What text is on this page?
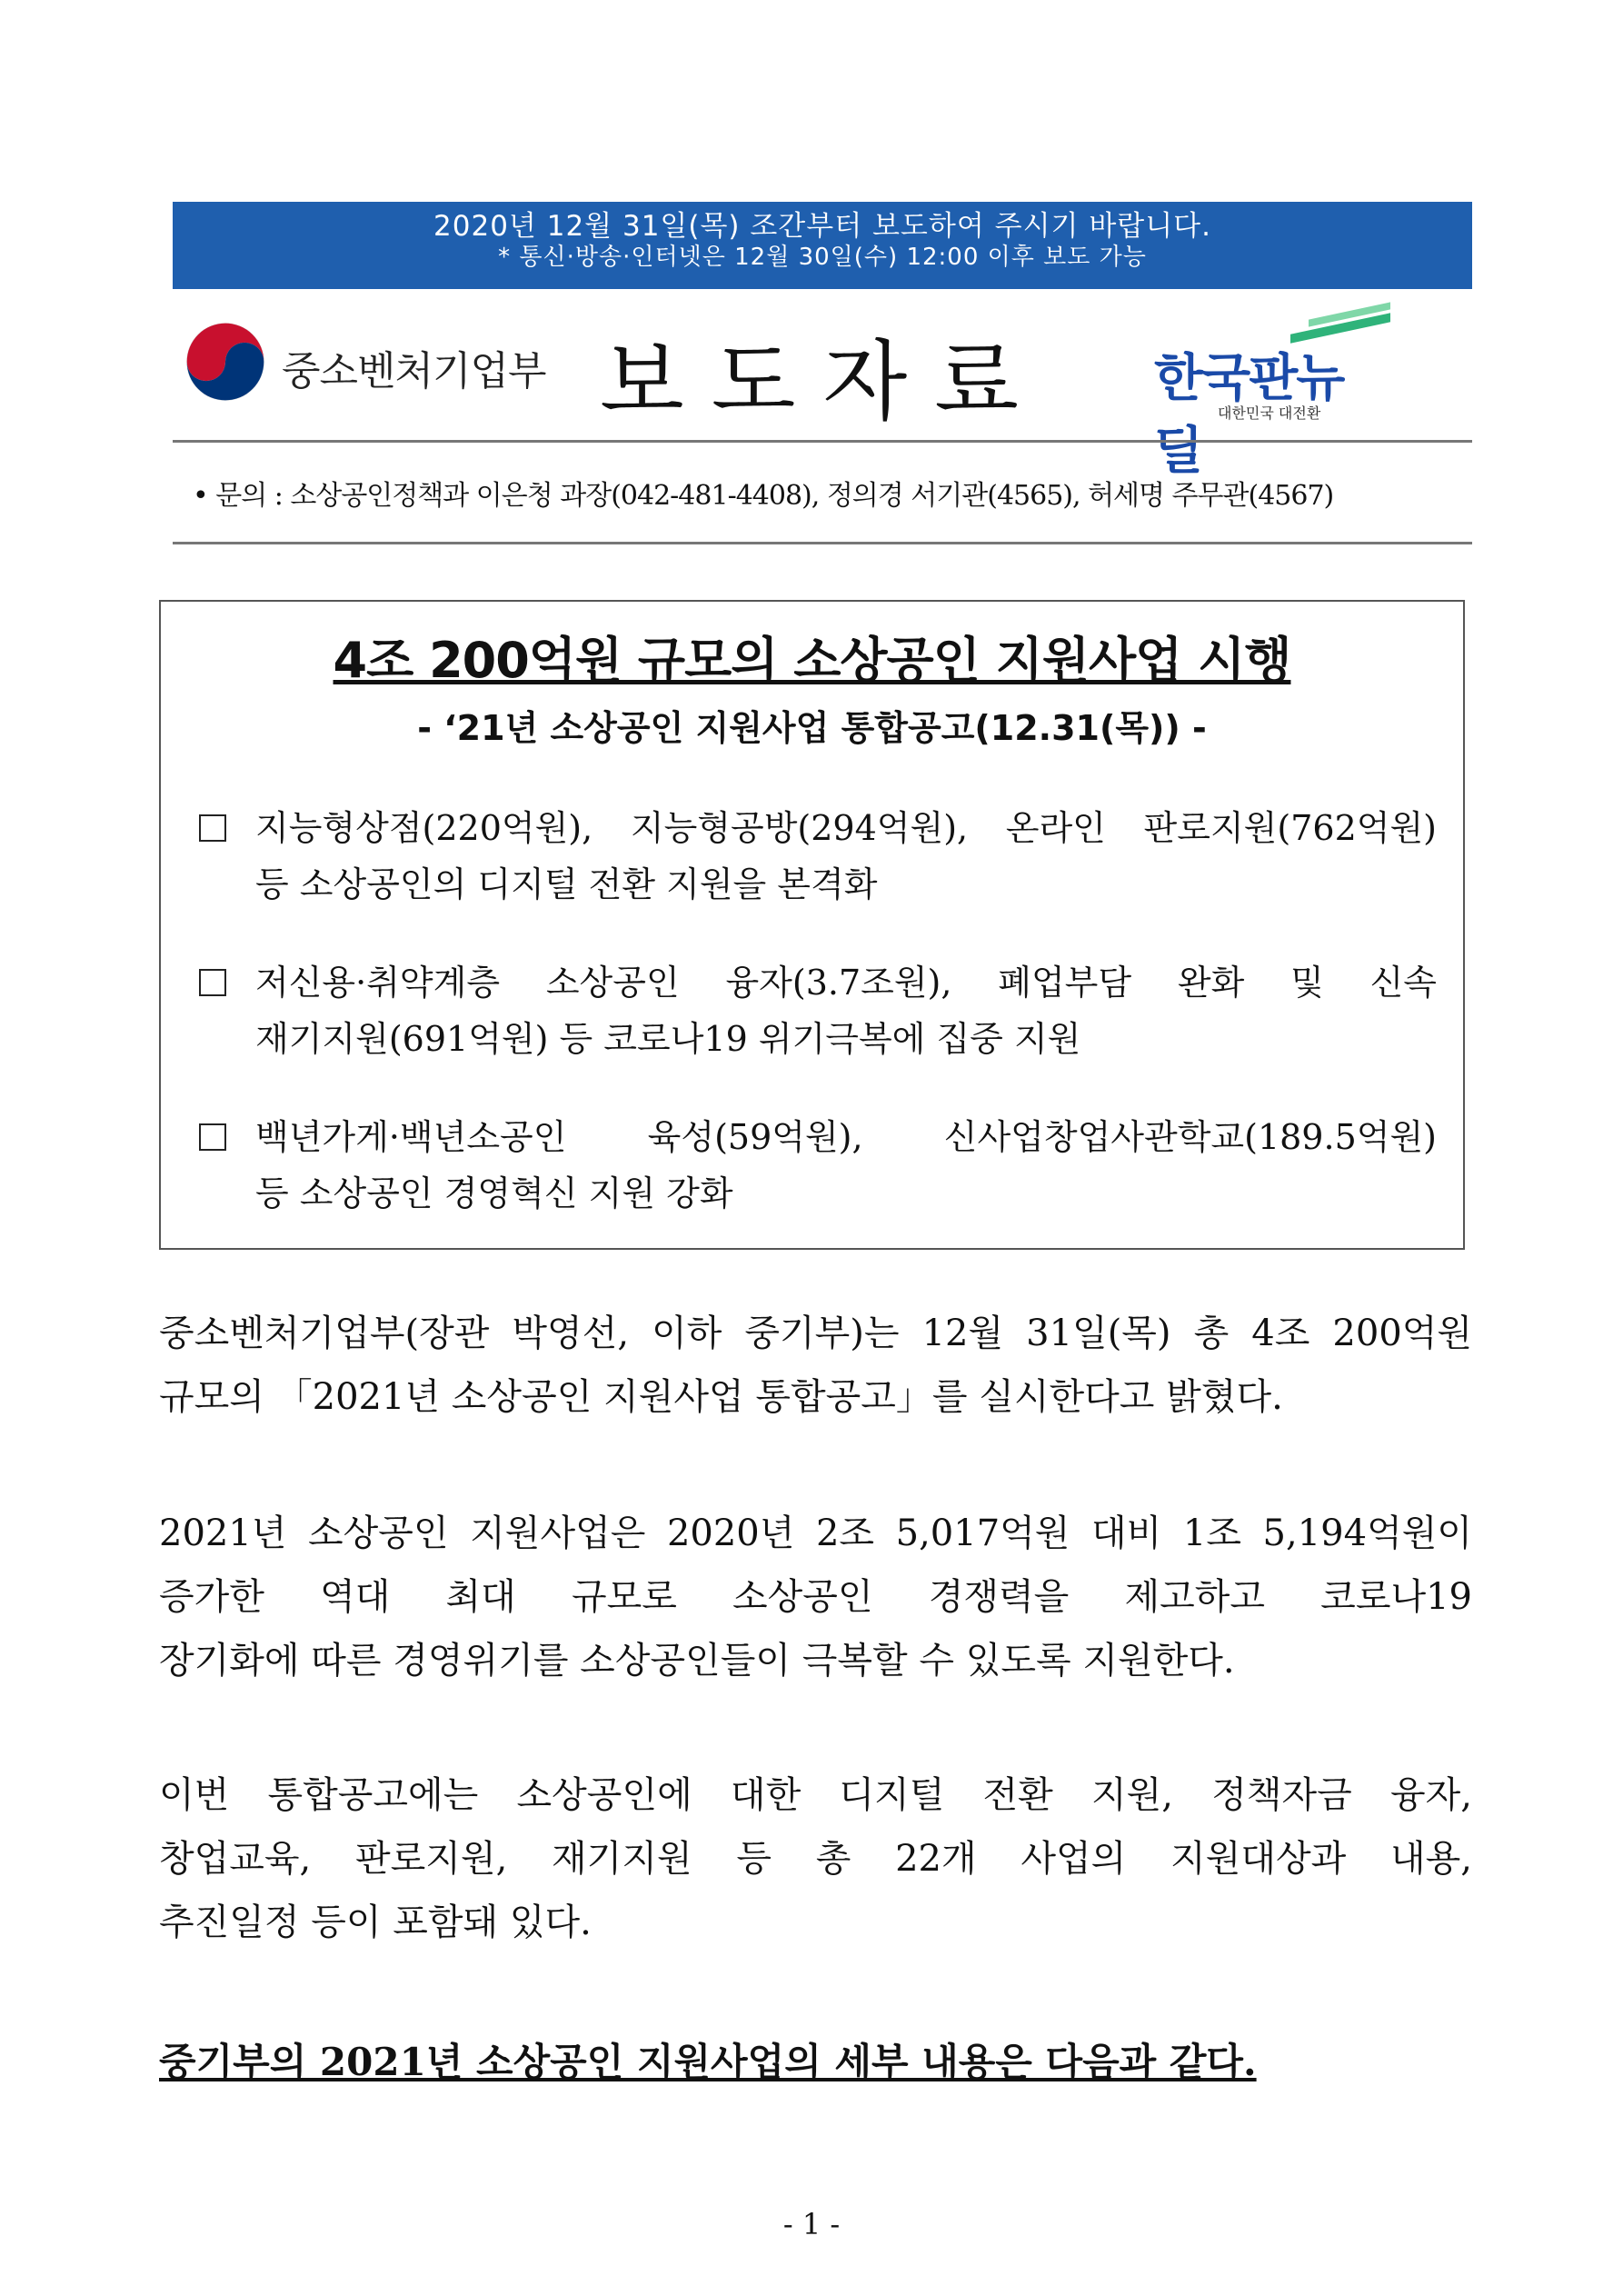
2020년 12월 31일(목) 조간부터 보도하여 주시기 바랍니다.
* 통신·방송·인터넷은 12월 30일(수) 12:00 이후 보도 가능
중소벤처기업부 보도자료 한국판뉴딜
대한민국 대전환
• 문의 : 소상공인정책과 이은청 과장(042-481-4408), 정의경 서기관(4565), 허세명 주무관(4567)
4조 200억원 규모의 소상공인 지원사업 시행
- ‘21년 소상공인 지원사업 통합공고(12.31(목)) -
지능형상점(220억원), 지능형공방(294억원), 온라인 판로지원(762억원)
등 소상공인의 디지털 전환 지원을 본격화
저신용·취약계층 소상공인 융자(3.7조원), 폐업부담 완화 및 신속
재기지원(691억원) 등 코로나19 위기극복에 집중 지원
백년가게·백년소공인 육성(59억원), 신사업창업사관학교(189.5억원)
등 소상공인 경영혁신 지원 강화
중소벤처기업부(장관 박영선, 이하 중기부)는 12월 31일(목) 총 4조 200억원
규모의 「2021년 소상공인 지원사업 통합공고」를 실시한다고 밝혔다.
2021년 소상공인 지원사업은 2020년 2조 5,017억원 대비 1조 5,194억원이
증가한 역대 최대 규모로 소상공인 경쟁력을 제고하고 코로나19
장기화에 따른 경영위기를 소상공인들이 극복할 수 있도록 지원한다.
이번 통합공고에는 소상공인에 대한 디지털 전환 지원, 정책자금 융자,
창업교육, 판로지원, 재기지원 등 총 22개 사업의 지원대상과 내용,
추진일정 등이 포함돼 있다.
중기부의 2021년 소상공인 지원사업의 세부 내용은 다음과 같다.
- 1 -
